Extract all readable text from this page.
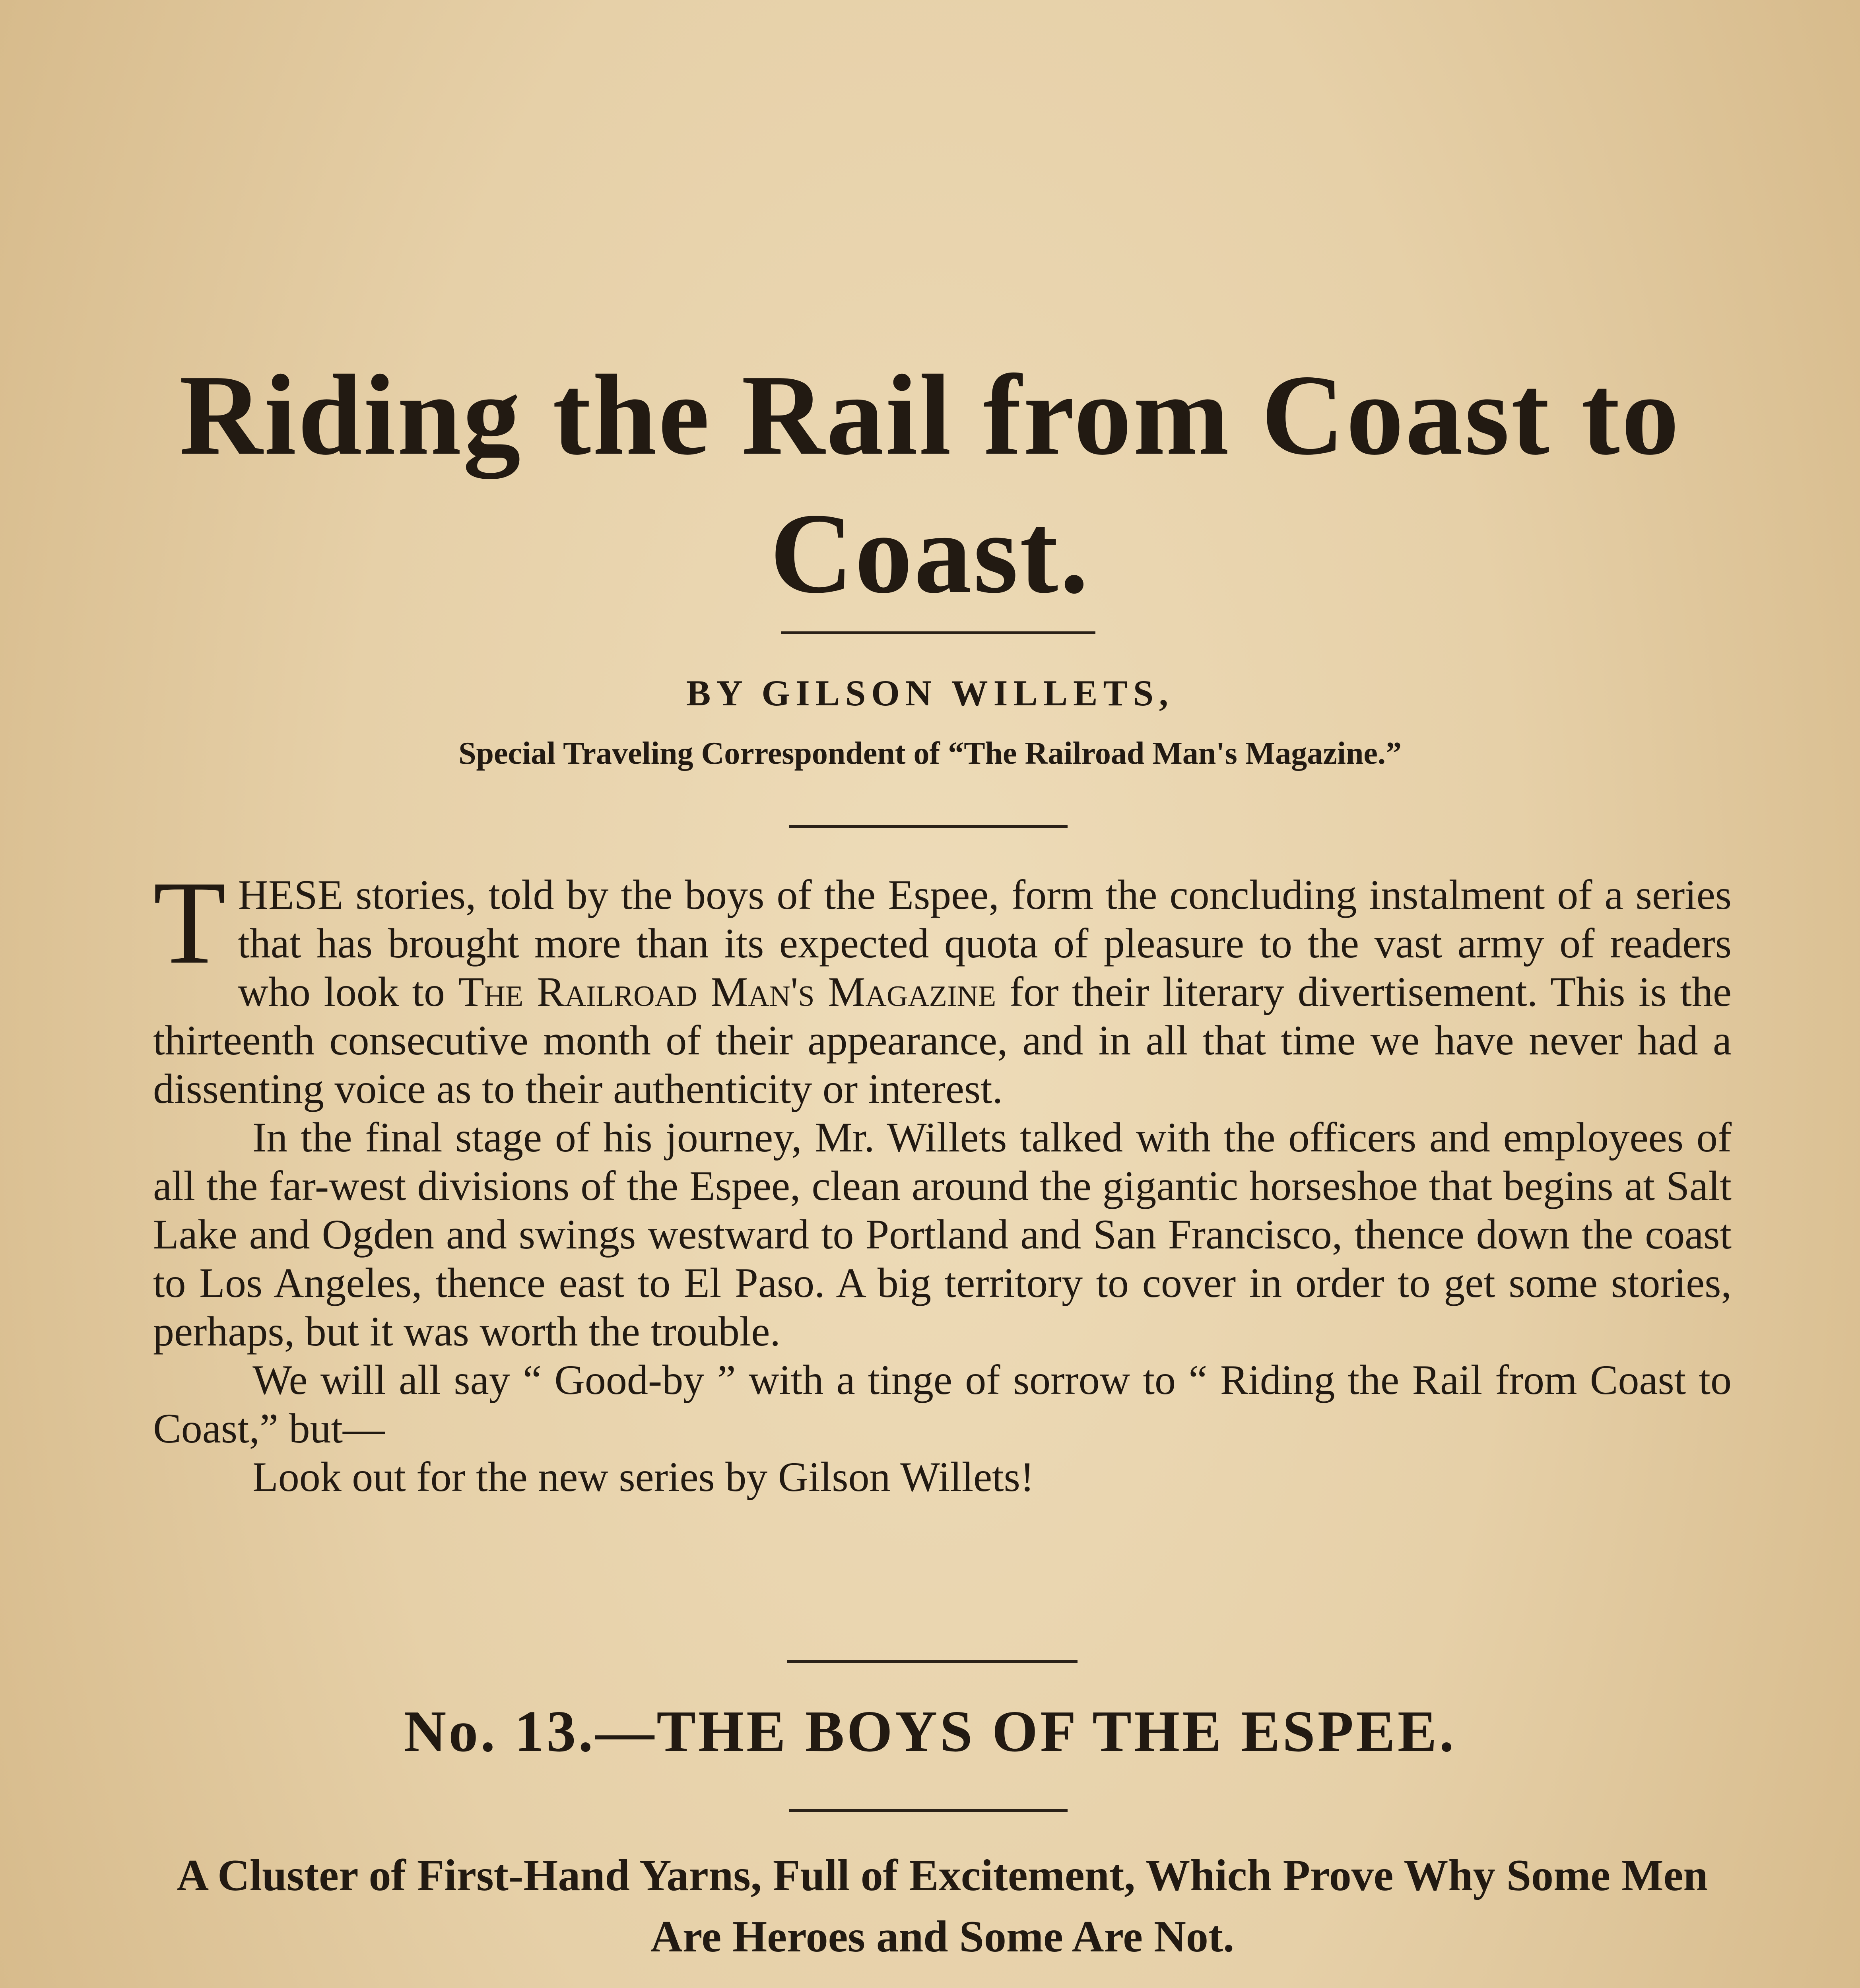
Riding the Rail from Coast to Coast.
BY GILSON WILLETS,
Special Traveling Correspondent of “The Railroad Man's Magazine.”

THESE stories, told by the boys of the Espee, form the concluding instalment of a series that has brought more than its expected quota of pleasure to the vast army of readers who look to The Railroad Man's Magazine for their literary divertisement. This is the thirteenth consecutive month of their appearance, and in all that time we have never had a dissenting voice as to their authenticity or interest.

In the final stage of his journey, Mr. Willets talked with the officers and employees of all the far-west divisions of the Espee, clean around the gigantic horseshoe that begins at Salt Lake and Ogden and swings westward to Portland and San Francisco, thence down the coast to Los Angeles, thence east to El Paso. A big territory to cover in order to get some stories, perhaps, but it was worth the trouble.

We will all say “ Good-by ” with a tinge of sorrow to “ Riding the Rail from Coast to Coast,” but—

Look out for the new series by Gilson Willets!

No. 13.—THE BOYS OF THE ESPEE.
A Cluster of First-Hand Yarns, Full of Excitement, Which Prove Why Some Men Are Heroes and Some Are Not.
